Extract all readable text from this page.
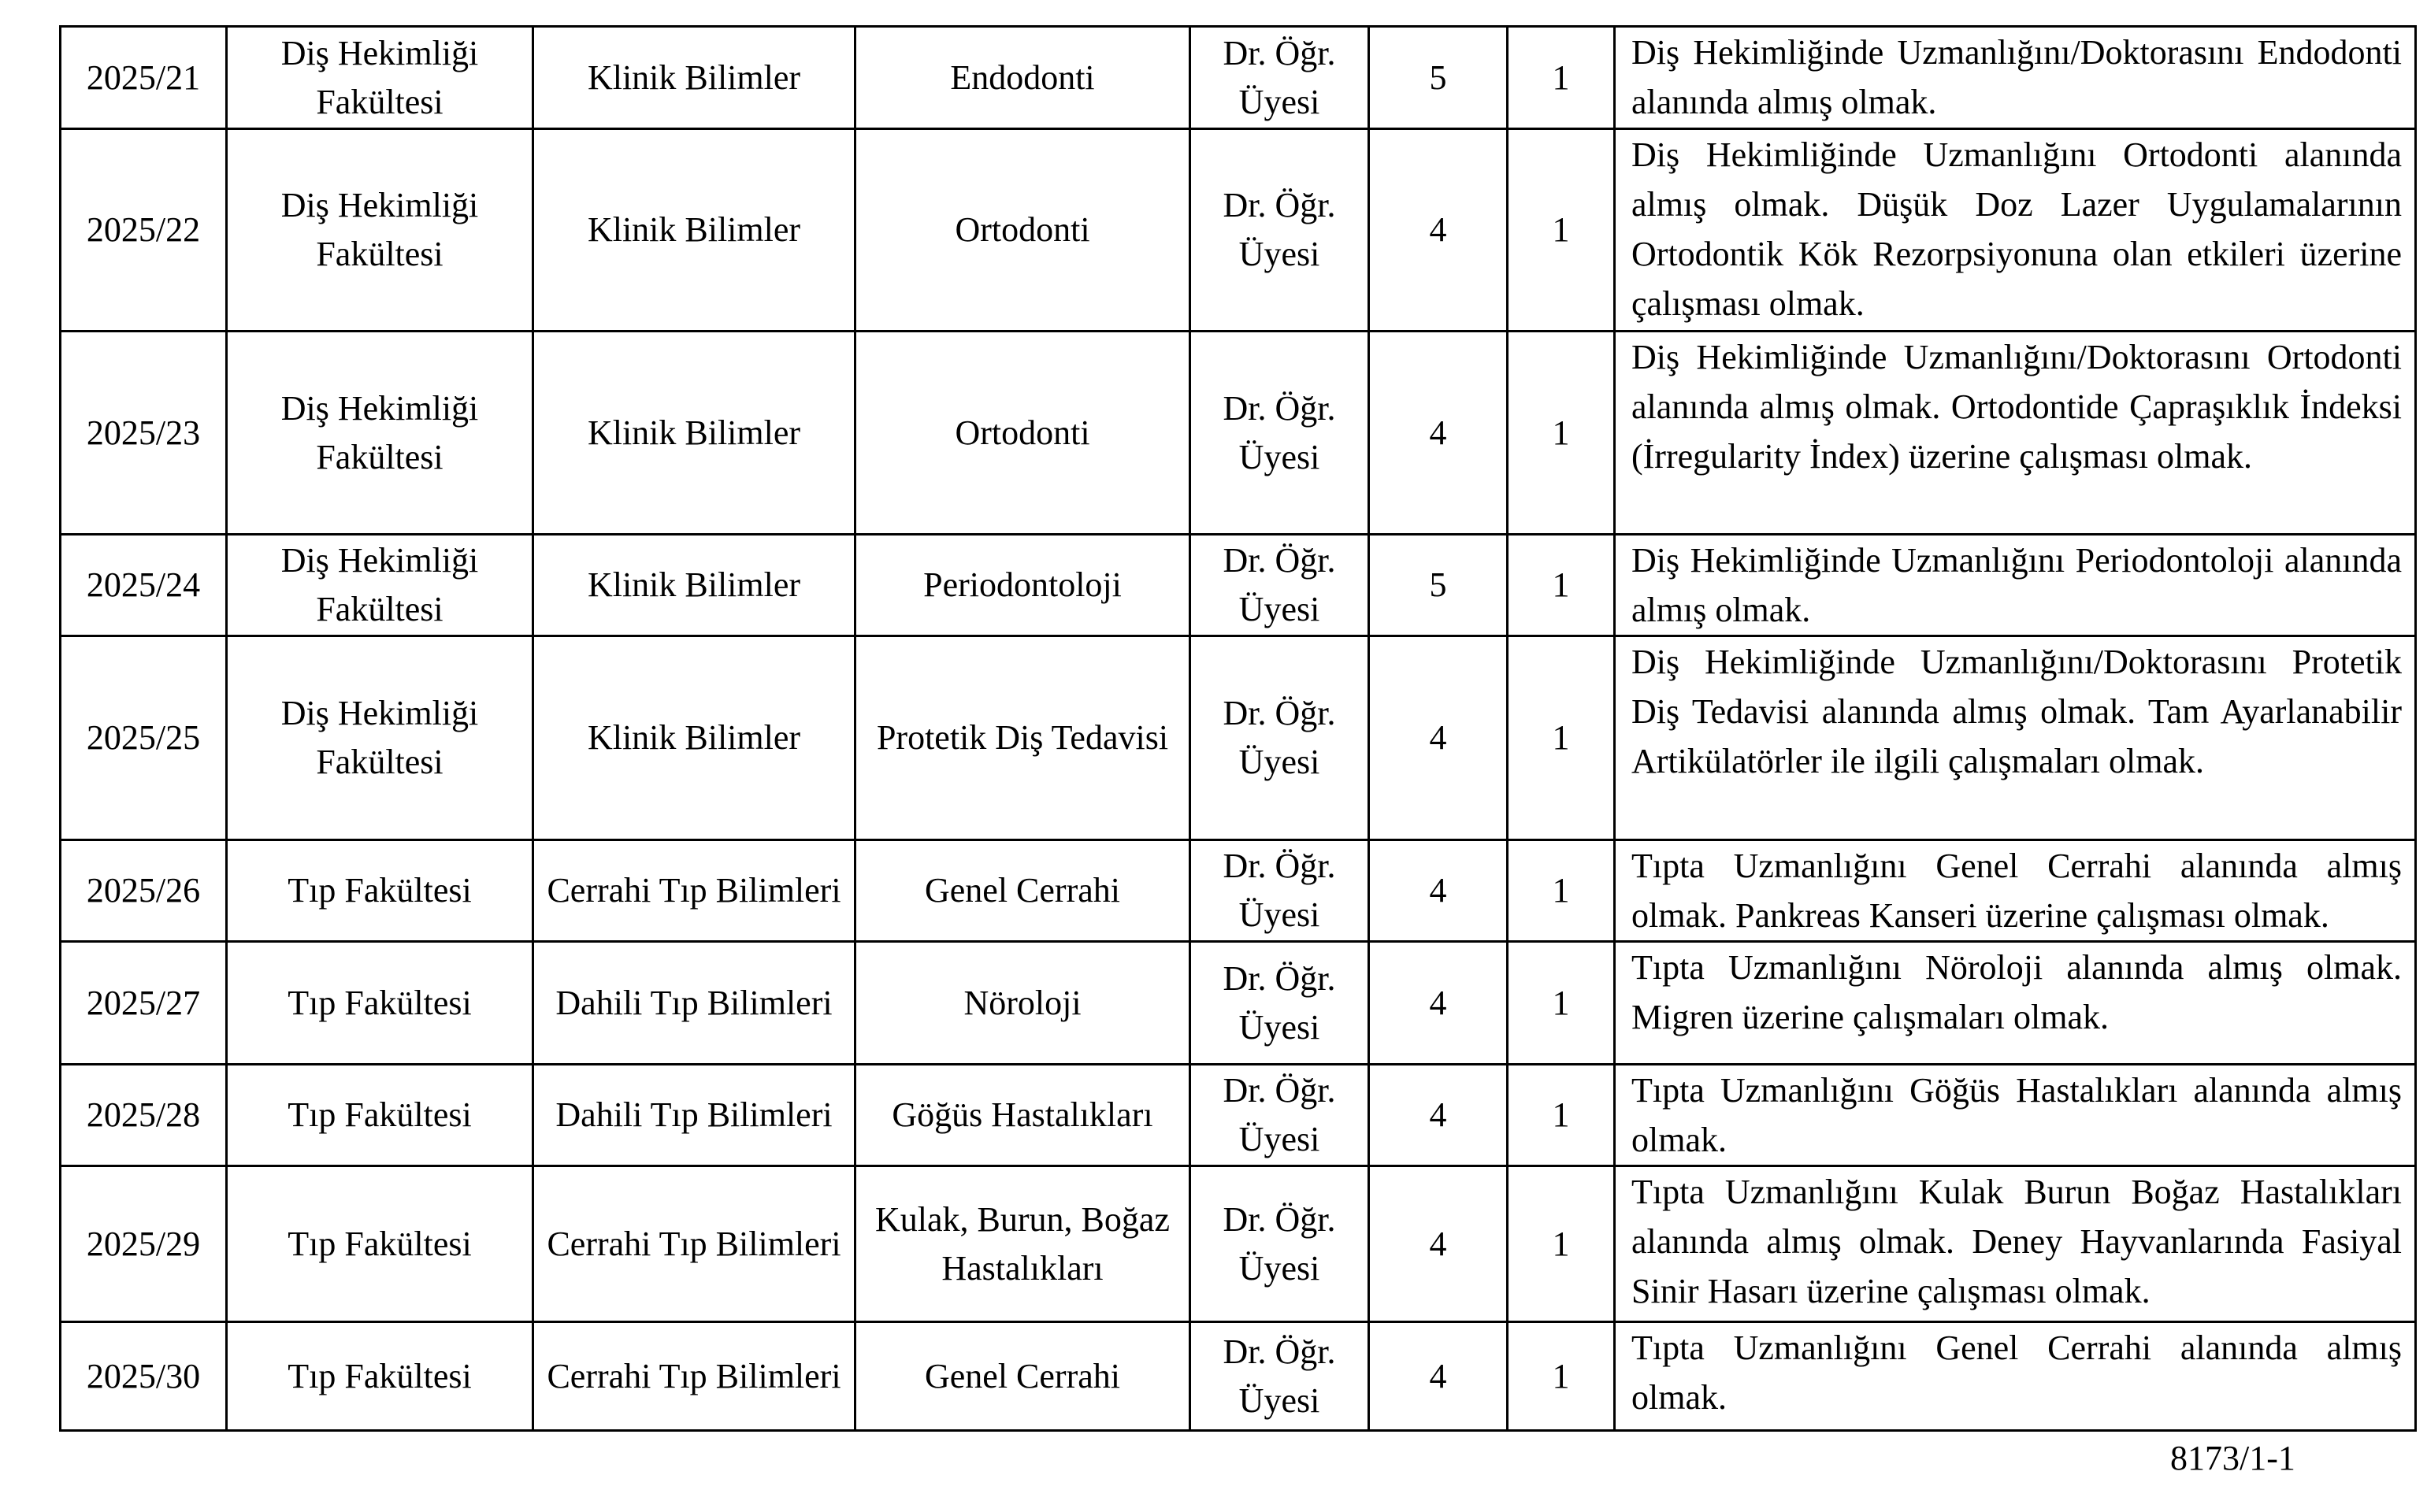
2025/21	Diş Hekimliği Fakültesi	Klinik Bilimler	Endodonti	Dr. Öğr. Üyesi	5	1	Diş Hekimliğinde Uzmanlığını/Doktorasını Endodonti alanında almış olmak.
2025/22	Diş Hekimliği Fakültesi	Klinik Bilimler	Ortodonti	Dr. Öğr. Üyesi	4	1	Diş Hekimliğinde Uzmanlığını Ortodonti alanında almış olmak. Düşük Doz Lazer Uygulamalarının Ortodontik Kök Rezorpsiyonuna olan etkileri üzerine çalışması olmak.
2025/23	Diş Hekimliği Fakültesi	Klinik Bilimler	Ortodonti	Dr. Öğr. Üyesi	4	1	Diş Hekimliğinde Uzmanlığını/Doktorasını Ortodonti alanında almış olmak. Ortodontide Çapraşıklık İndeksi (İrregularity İndex) üzerine çalışması olmak.
2025/24	Diş Hekimliği Fakültesi	Klinik Bilimler	Periodontoloji	Dr. Öğr. Üyesi	5	1	Diş Hekimliğinde Uzmanlığını Periodontoloji alanında almış olmak.
2025/25	Diş Hekimliği Fakültesi	Klinik Bilimler	Protetik Diş Tedavisi	Dr. Öğr. Üyesi	4	1	Diş Hekimliğinde Uzmanlığını/Doktorasını Protetik Diş Tedavisi alanında almış olmak. Tam Ayarlanabilir Artikülatörler ile ilgili çalışmaları olmak.
2025/26	Tıp Fakültesi	Cerrahi Tıp Bilimleri	Genel Cerrahi	Dr. Öğr. Üyesi	4	1	Tıpta Uzmanlığını Genel Cerrahi alanında almış olmak. Pankreas Kanseri üzerine çalışması olmak.
2025/27	Tıp Fakültesi	Dahili Tıp Bilimleri	Nöroloji	Dr. Öğr. Üyesi	4	1	Tıpta Uzmanlığını Nöroloji alanında almış olmak. Migren üzerine çalışmaları olmak.
2025/28	Tıp Fakültesi	Dahili Tıp Bilimleri	Göğüs Hastalıkları	Dr. Öğr. Üyesi	4	1	Tıpta Uzmanlığını Göğüs Hastalıkları alanında almış olmak.
2025/29	Tıp Fakültesi	Cerrahi Tıp Bilimleri	Kulak, Burun, Boğaz Hastalıkları	Dr. Öğr. Üyesi	4	1	Tıpta Uzmanlığını Kulak Burun Boğaz Hastalıkları alanında almış olmak. Deney Hayvanlarında Fasiyal Sinir Hasarı üzerine çalışması olmak.
2025/30	Tıp Fakültesi	Cerrahi Tıp Bilimleri	Genel Cerrahi	Dr. Öğr. Üyesi	4	1	Tıpta Uzmanlığını Genel Cerrahi alanında almış olmak.
8173/1-1
